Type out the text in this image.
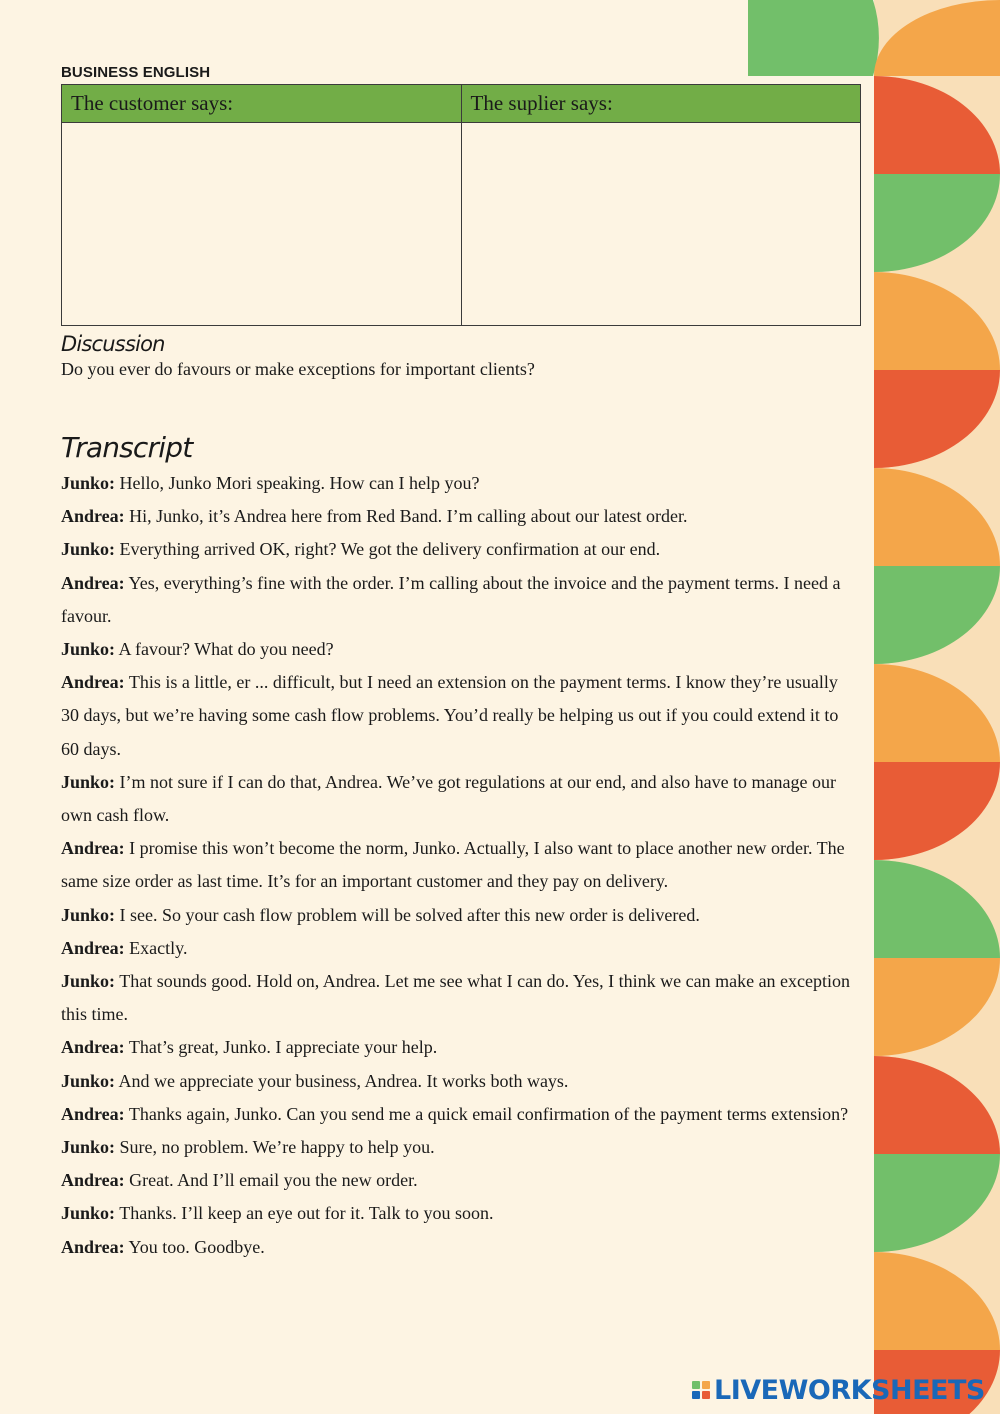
BUSINESS ENGLISH
The customer says:	The suplier says:

Discussion
Do you ever do favours or make exceptions for important clients?
Transcript
Junko: Hello, Junko Mori speaking. How can I help you?
Andrea: Hi, Junko, it’s Andrea here from Red Band. I’m calling about our latest order.
Junko: Everything arrived OK, right? We got the delivery confirmation at our end.
Andrea: Yes, everything’s fine with the order. I’m calling about the invoice and the payment terms. I need a favour.
Junko: A favour? What do you need?
Andrea: This is a little, er ... difficult, but I need an extension on the payment terms. I know they’re usually 30 days, but we’re having some cash flow problems. You’d really be helping us out if you could extend it to 60 days.
Junko: I’m not sure if I can do that, Andrea. We’ve got regulations at our end, and also have to manage our own cash flow.
Andrea: I promise this won’t become the norm, Junko. Actually, I also want to place another new order. The same size order as last time. It’s for an important customer and they pay on delivery.
Junko: I see. So your cash flow problem will be solved after this new order is delivered.
Andrea: Exactly.
Junko: That sounds good. Hold on, Andrea. Let me see what I can do. Yes, I think we can make an exception this time.
Andrea: That’s great, Junko. I appreciate your help.
Junko: And we appreciate your business, Andrea. It works both ways.
Andrea: Thanks again, Junko. Can you send me a quick email confirmation of the payment terms extension?
Junko: Sure, no problem. We’re happy to help you.
Andrea: Great. And I’ll email you the new order.
Junko: Thanks. I’ll keep an eye out for it. Talk to you soon.
Andrea: You too. Goodbye.
LIVEWORKSHEETS
